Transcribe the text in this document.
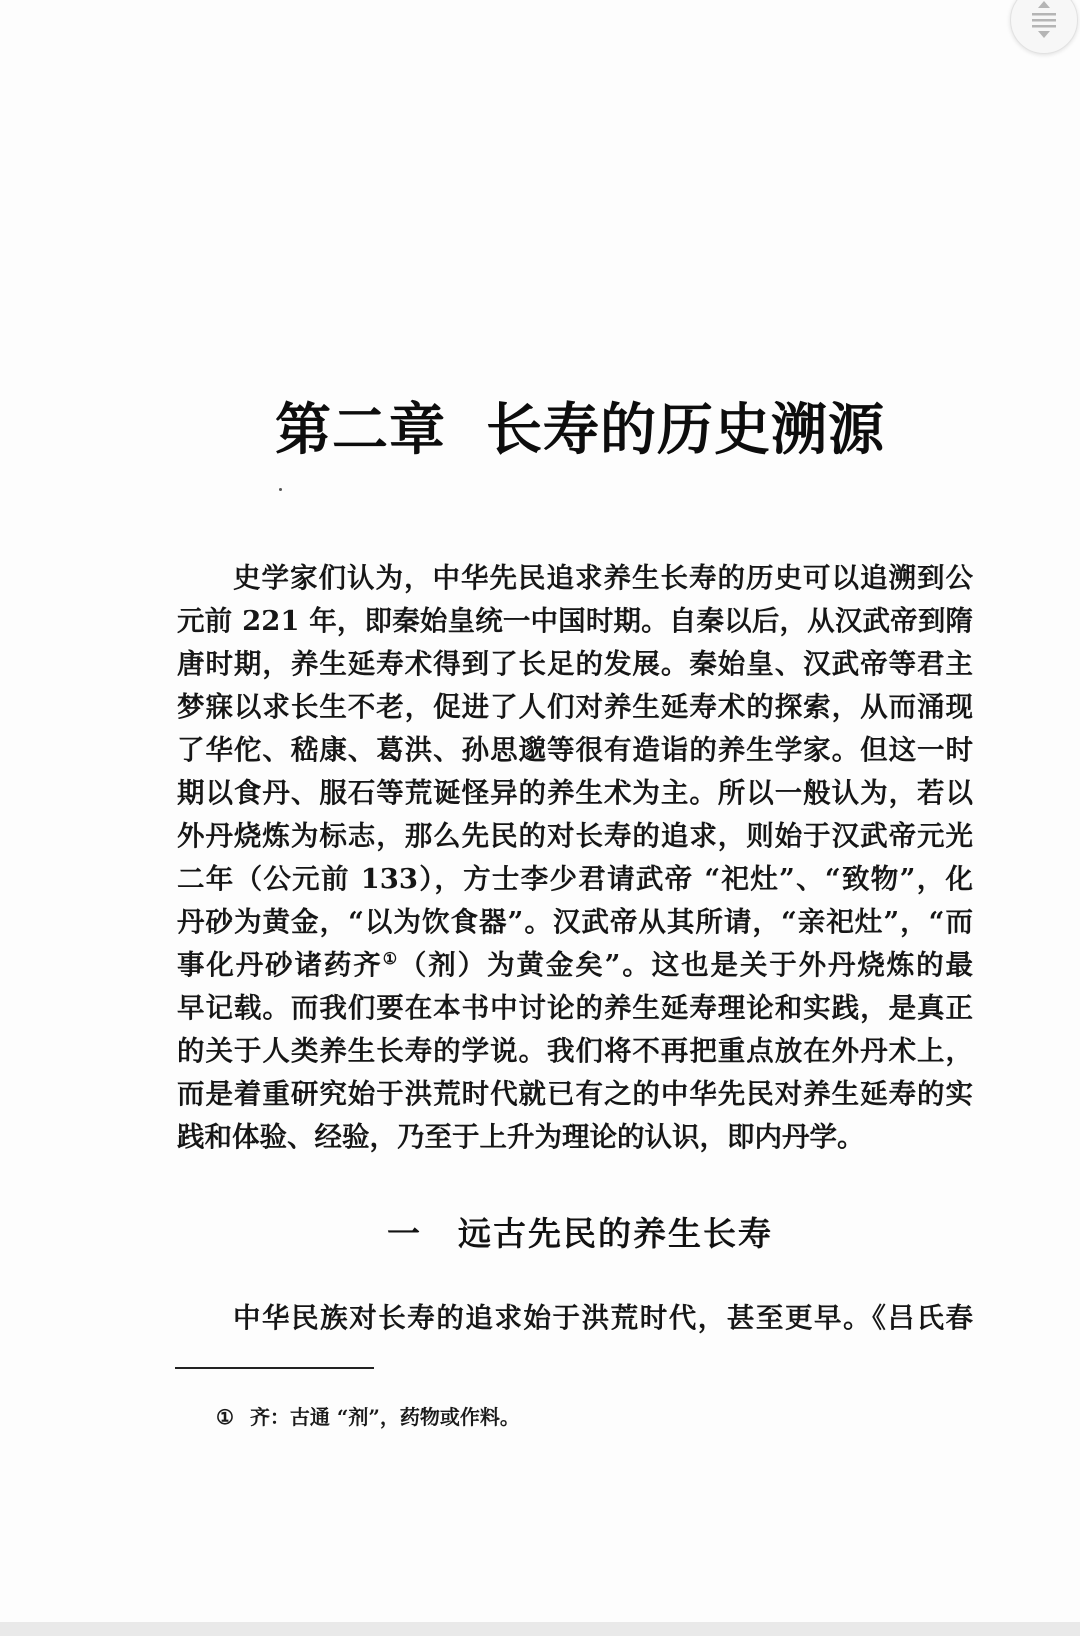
第二章 长寿的历史溯源
史学家们认为，中华先民追求养生长寿的历史可以追溯到公
元前 221 年，即秦始皇统一中国时期。自秦以后，从汉武帝到隋
唐时期，养生延寿术得到了长足的发展。秦始皇、汉武帝等君主
梦寐以求长生不老，促进了人们对养生延寿术的探索，从而涌现
了华佗、嵇康、葛洪、孙思邈等很有造诣的养生学家。但这一时
期以食丹、服石等荒诞怪异的养生术为主。所以一般认为，若以
外丹烧炼为标志，那么先民的对长寿的追求，则始于汉武帝元光
二年（公元前 133），方士李少君请武帝 “祀灶”、“致物”，化
丹砂为黄金，“以为饮食器”。汉武帝从其所请，“亲祀灶”，“而
事化丹砂诸药齐①（剂）为黄金矣”。这也是关于外丹烧炼的最
早记载。而我们要在本书中讨论的养生延寿理论和实践，是真正
的关于人类养生长寿的学说。我们将不再把重点放在外丹术上，
而是着重研究始于洪荒时代就已有之的中华先民对养生延寿的实
践和体验、经验，乃至于上升为理论的认识，即内丹学。
一 远古先民的养生长寿
中华民族对长寿的追求始于洪荒时代，甚至更早。《吕氏春
① 齐：古通 “剂”，药物或作料。
